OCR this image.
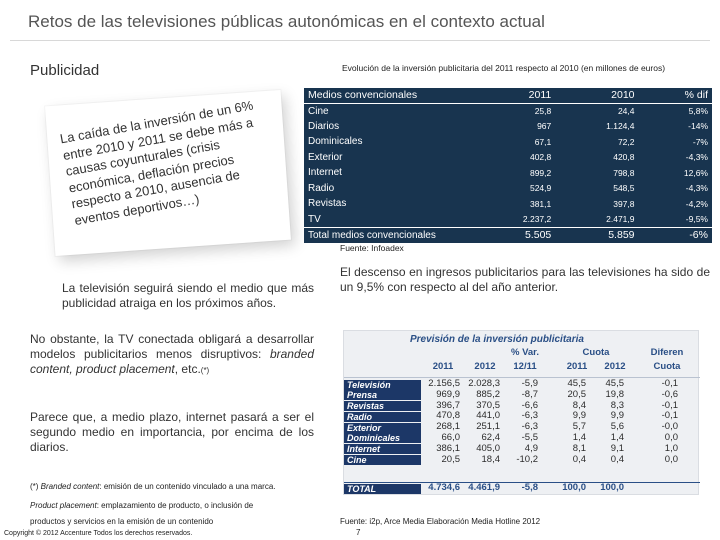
Retos de las televisiones públicas autonómicas en el contexto actual
Publicidad	Evolución de la inversión publicitaria del 2011 respecto al 2010 (en millones de euros)
La caída de la inversión de un 6% entre 2010 y 2011 se debe más a causas coyunturales (crisis económica, deflación precios respecto a 2010, ausencia de eventos deportivos…)
Medios convencionales	2011	2010	% dif
Cine	25,8	24,4	5,8%
Diarios	967	1.124,4	-14%
Dominicales	67,1	72,2	-7%
Exterior	402,8	420,8	-4,3%
Internet	899,2	798,8	12,6%
Radio	524,9	548,5	-4,3%
Revistas	381,1	397,8	-4,2%
TV	2.237,2	2.471,9	-9,5%
Total medios convencionales	5.505	5.859	-6%
Fuente: Infoadex
El descenso en ingresos publicitarios para las televisiones ha sido de un 9,5% con respecto al del año anterior.
La televisión seguirá siendo el medio que más publicidad atraiga en los próximos años.
No obstante, la TV conectada obligará a desarrollar modelos publicitarios menos disruptivos: branded content, product placement, etc.(*)
Parece que, a medio plazo, internet pasará a ser el segundo medio en importancia, por encima de los diarios.
Previsión de la inversión publicitaria
% Var.	Cuota	Diferen
2011	2012	12/11	2011	2012	Cuota
Televisión	2.156,5 2.028,3	-5,9	45,5	45,5	-0,1
Prensa	969,9	885,2	-8,7	20,5	19,8	-0,6
Revistas	396,7	370,5	-6,6	8,4	8,3	-0,1
Radio	470,8	441,0	-6,3	9,9	9,9	-0,1
Exterior	268,1	251,1	-6,3	5,7	5,6	-0,0
Dominicales	66,0	62,4	-5,5	1,4	1,4	0,0
Internet	386,1	405,0	4,9	8,1	9,1	1,0
Cine	20,5	18,4	-10,2	0,4	0,4	0,0
TOTAL	4.734,6 4.461,9	-5,8	100,0	100,0
(*) Branded content: emisión de un contenido vinculado a una marca.
Product placement: emplazamiento de producto, o inclusión de
productos y servicios en la emisión de un contenido
Copyright © 2012 Accenture Todos los derechos reservados.
Fuente: i2p, Arce Media Elaboración Media Hotline 2012
7
